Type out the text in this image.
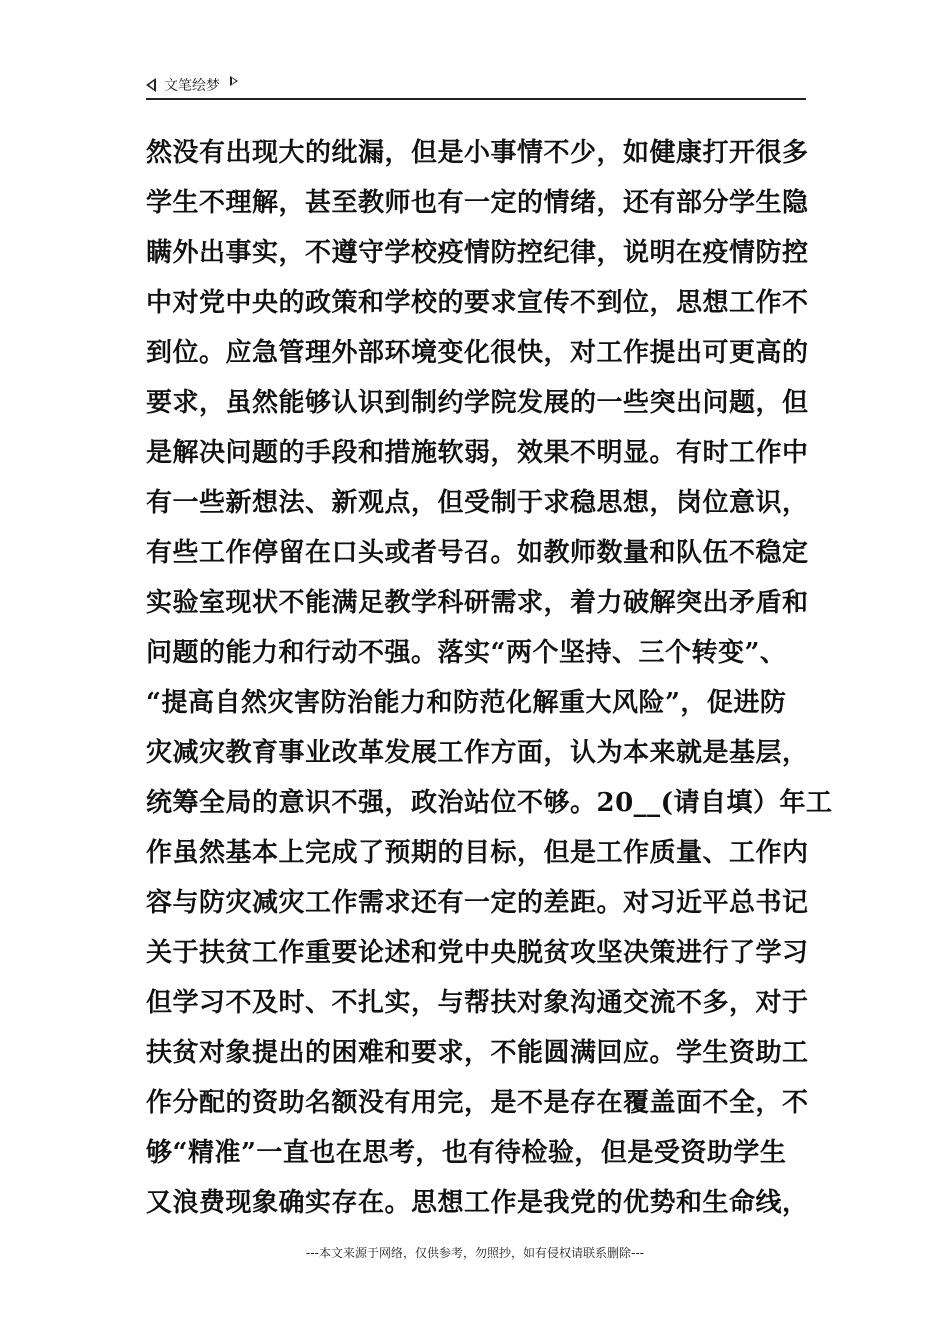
文笔绘梦
然没有出现大的纰漏，但是小事情不少，如健康打开很多
学生不理解，甚至教师也有一定的情绪，还有部分学生隐
瞒外出事实，不遵守学校疫情防控纪律，说明在疫情防控
中对党中央的政策和学校的要求宣传不到位，思想工作不
到位。应急管理外部环境变化很快，对工作提出可更高的
要求，虽然能够认识到制约学院发展的一些突出问题，但
是解决问题的手段和措施软弱，效果不明显。有时工作中
有一些新想法、新观点，但受制于求稳思想，岗位意识，
有些工作停留在口头或者号召。如教师数量和队伍不稳定
实验室现状不能满足教学科研需求，着力破解突出矛盾和
问题的能力和行动不强。落实“两个坚持、三个转变”、
“提高自然灾害防治能力和防范化解重大风险”，促进防
灾减灾教育事业改革发展工作方面，认为本来就是基层，
统筹全局的意识不强，政治站位不够。20__(请自填）年工
作虽然基本上完成了预期的目标，但是工作质量、工作内
容与防灾减灾工作需求还有一定的差距。对习近平总书记
关于扶贫工作重要论述和党中央脱贫攻坚决策进行了学习
但学习不及时、不扎实，与帮扶对象沟通交流不多，对于
扶贫对象提出的困难和要求，不能圆满回应。学生资助工
作分配的资助名额没有用完，是不是存在覆盖面不全，不
够“精准”一直也在思考，也有待检验，但是受资助学生
又浪费现象确实存在。思想工作是我党的优势和生命线，
---本文来源于网络，仅供参考，勿照抄，如有侵权请联系删除---
